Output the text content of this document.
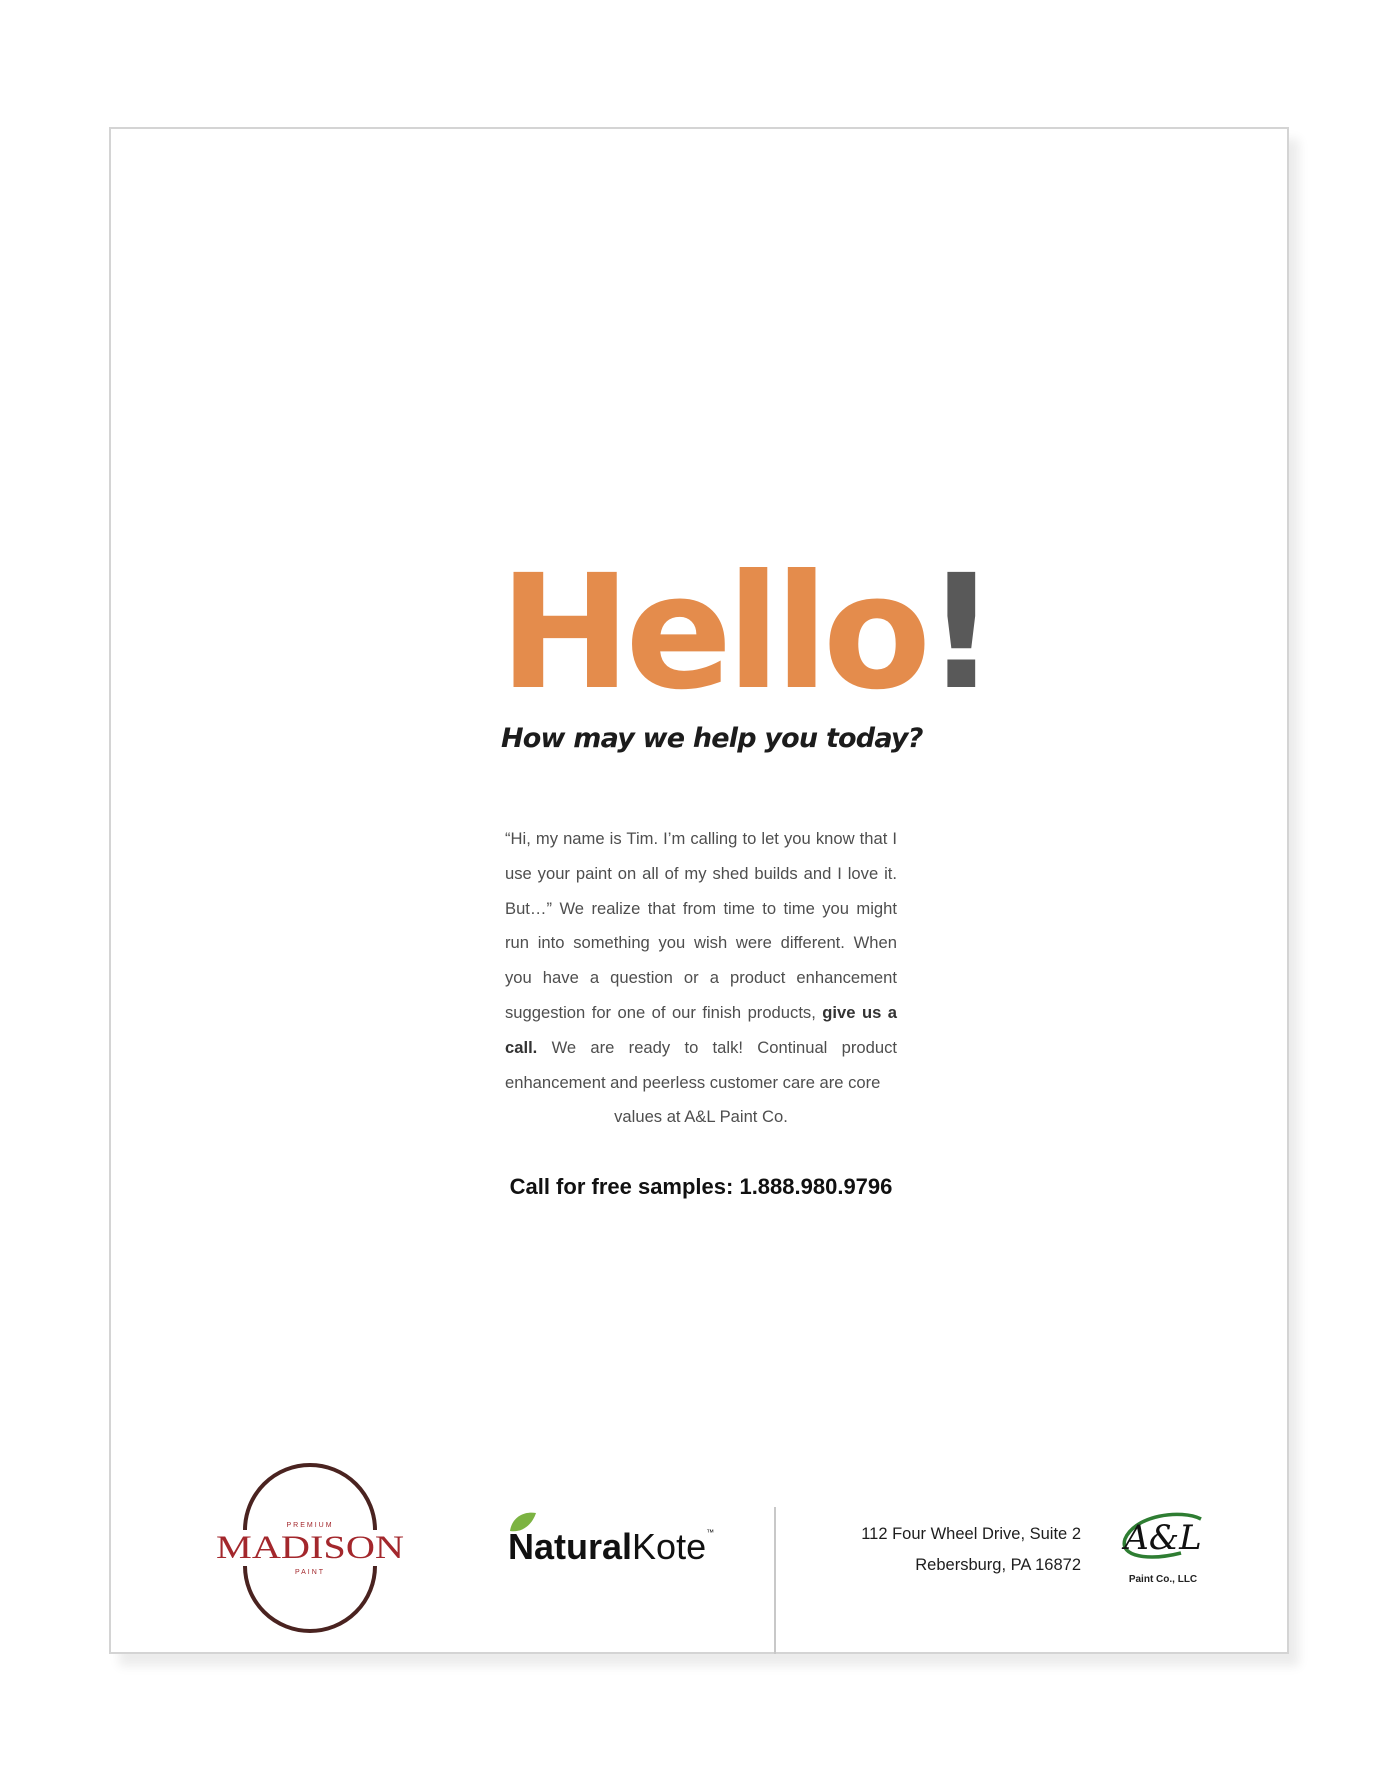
Hello!
How may we help you today?
“Hi, my name is Tim. I’m calling to let you know that I use your paint on all of my shed builds and I love it. But…” We realize that from time to time you might run into something you wish were different. When you have a question or a product enhancement suggestion for one of our finish products, give us a call. We are ready to talk! Continual product enhancement and peerless customer care are core
values at A&L Paint Co.
Call for free samples: 1.888.980.9796
PREMIUM
MADISON
PAINT
NaturalKote™	112 Four Wheel Drive, Suite 2
Rebersburg, PA 16872
A&L
Paint Co., LLC
